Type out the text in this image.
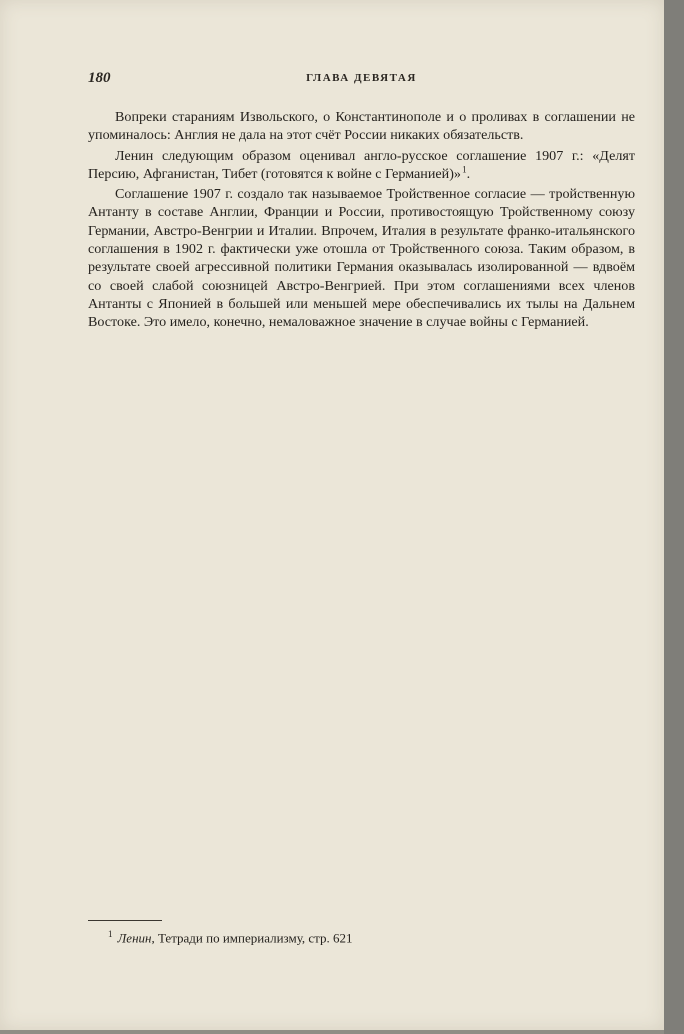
180	ГЛАВА ДЕВЯТАЯ

Вопреки стараниям Извольского, о Константинополе и о проливах в соглашении не упоминалось: Англия не дала на этот счёт России никаких обязательств.

Ленин следующим образом оценивал англо-русское соглашение 1907 г.: «Делят Персию, Афганистан, Тибет (готовятся к войне с Германией)» $^1$.

Соглашение 1907 г. создало так называемое Тройственное согласие — тройственную Антанту в составе Англии, Франции и России, противостоящую Тройственному союзу Германии, Австро-Венгрии и Италии. Впрочем, Италия в результате франко-итальянского соглашения в 1902 г. фактически уже отошла от Тройственного союза. Таким образом, в результате своей агрессивной политики Германия оказывалась изолированной — вдвоём со своей слабой союзницей Австро-Венгрией. При этом соглашениями всех членов Антанты с Японией в большей или меньшей мере обеспечивались их тылы на Дальнем Востоке. Это имело, конечно, немаловажное значение в случае войны с Германией.

$^1$ Ленин, Тетради по империализму, стр. 621
